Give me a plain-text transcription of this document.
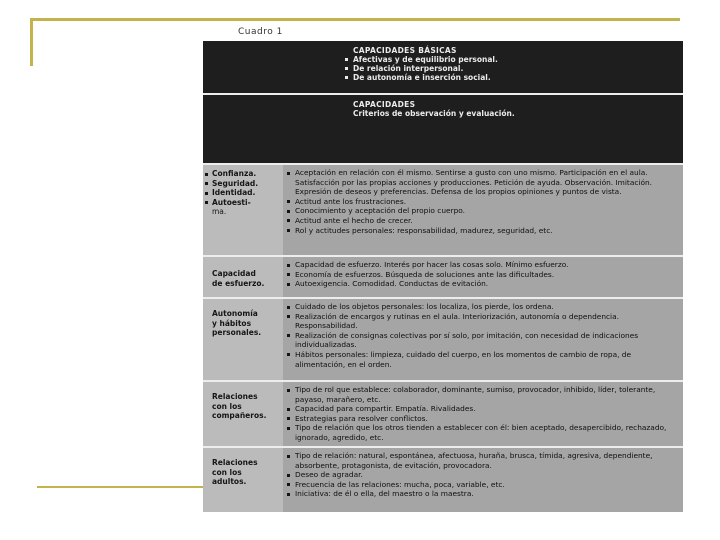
Cuadro 1
CAPACIDADES BÁSICAS
Afectivas y de equilibrio personal.
De relación interpersonal.
De autonomía e inserción social.
CAPACIDADES
Criterios de observación y evaluación.
Confianza.
Seguridad.
Identidad.
Autoesti-
ma.
Aceptación en relación con él mismo. Sentirse a gusto con uno mismo. Participación en el aula. Satisfacción por las propias acciones y producciones. Petición de ayuda. Observación. Imitación. Expresión de deseos y preferencias. Defensa de los propios opiniones y puntos de vista.
Actitud ante los frustraciones.
Conocimiento y aceptación del propio cuerpo.
Actitud ante el hecho de crecer.
Rol y actitudes personales: responsabilidad, madurez, seguridad, etc.
Capacidad
de esfuerzo.
Capacidad de esfuerzo. Interés por hacer las cosas solo. Mínimo esfuerzo.
Economía de esfuerzos. Búsqueda de soluciones ante las dificultades.
Autoexigencia. Comodidad. Conductas de evitación.
Autonomía
y hábitos
personales.
Cuidado de los objetos personales: los localiza, los pierde, los ordena.
Realización de encargos y rutinas en el aula. Interiorización, autonomía o dependencia. Responsabilidad.
Realización de consignas colectivas por sí solo, por imitación, con necesidad de indicaciones individualizadas.
Hábitos personales: limpieza, cuidado del cuerpo, en los momentos de cambio de ropa, de alimentación, en el orden.
Relaciones
con los
compañeros.
Tipo de rol que establece: colaborador, dominante, sumiso, provocador, inhibido, líder, tolerante, payaso, marañero, etc.
Capacidad para compartir. Empatía. Rivalidades.
Estrategias para resolver conflictos.
Tipo de relación que los otros tienden a establecer con él: bien aceptado, desapercibido, rechazado, ignorado, agredido, etc.
Relaciones
con los
adultos.
Tipo de relación: natural, espontánea, afectuosa, huraña, brusca, tímida, agresiva, dependiente, absorbente, protagonista, de evitación, provocadora.
Deseo de agradar.
Frecuencia de las relaciones: mucha, poca, variable, etc.
Iniciativa: de él o ella, del maestro o la maestra.
